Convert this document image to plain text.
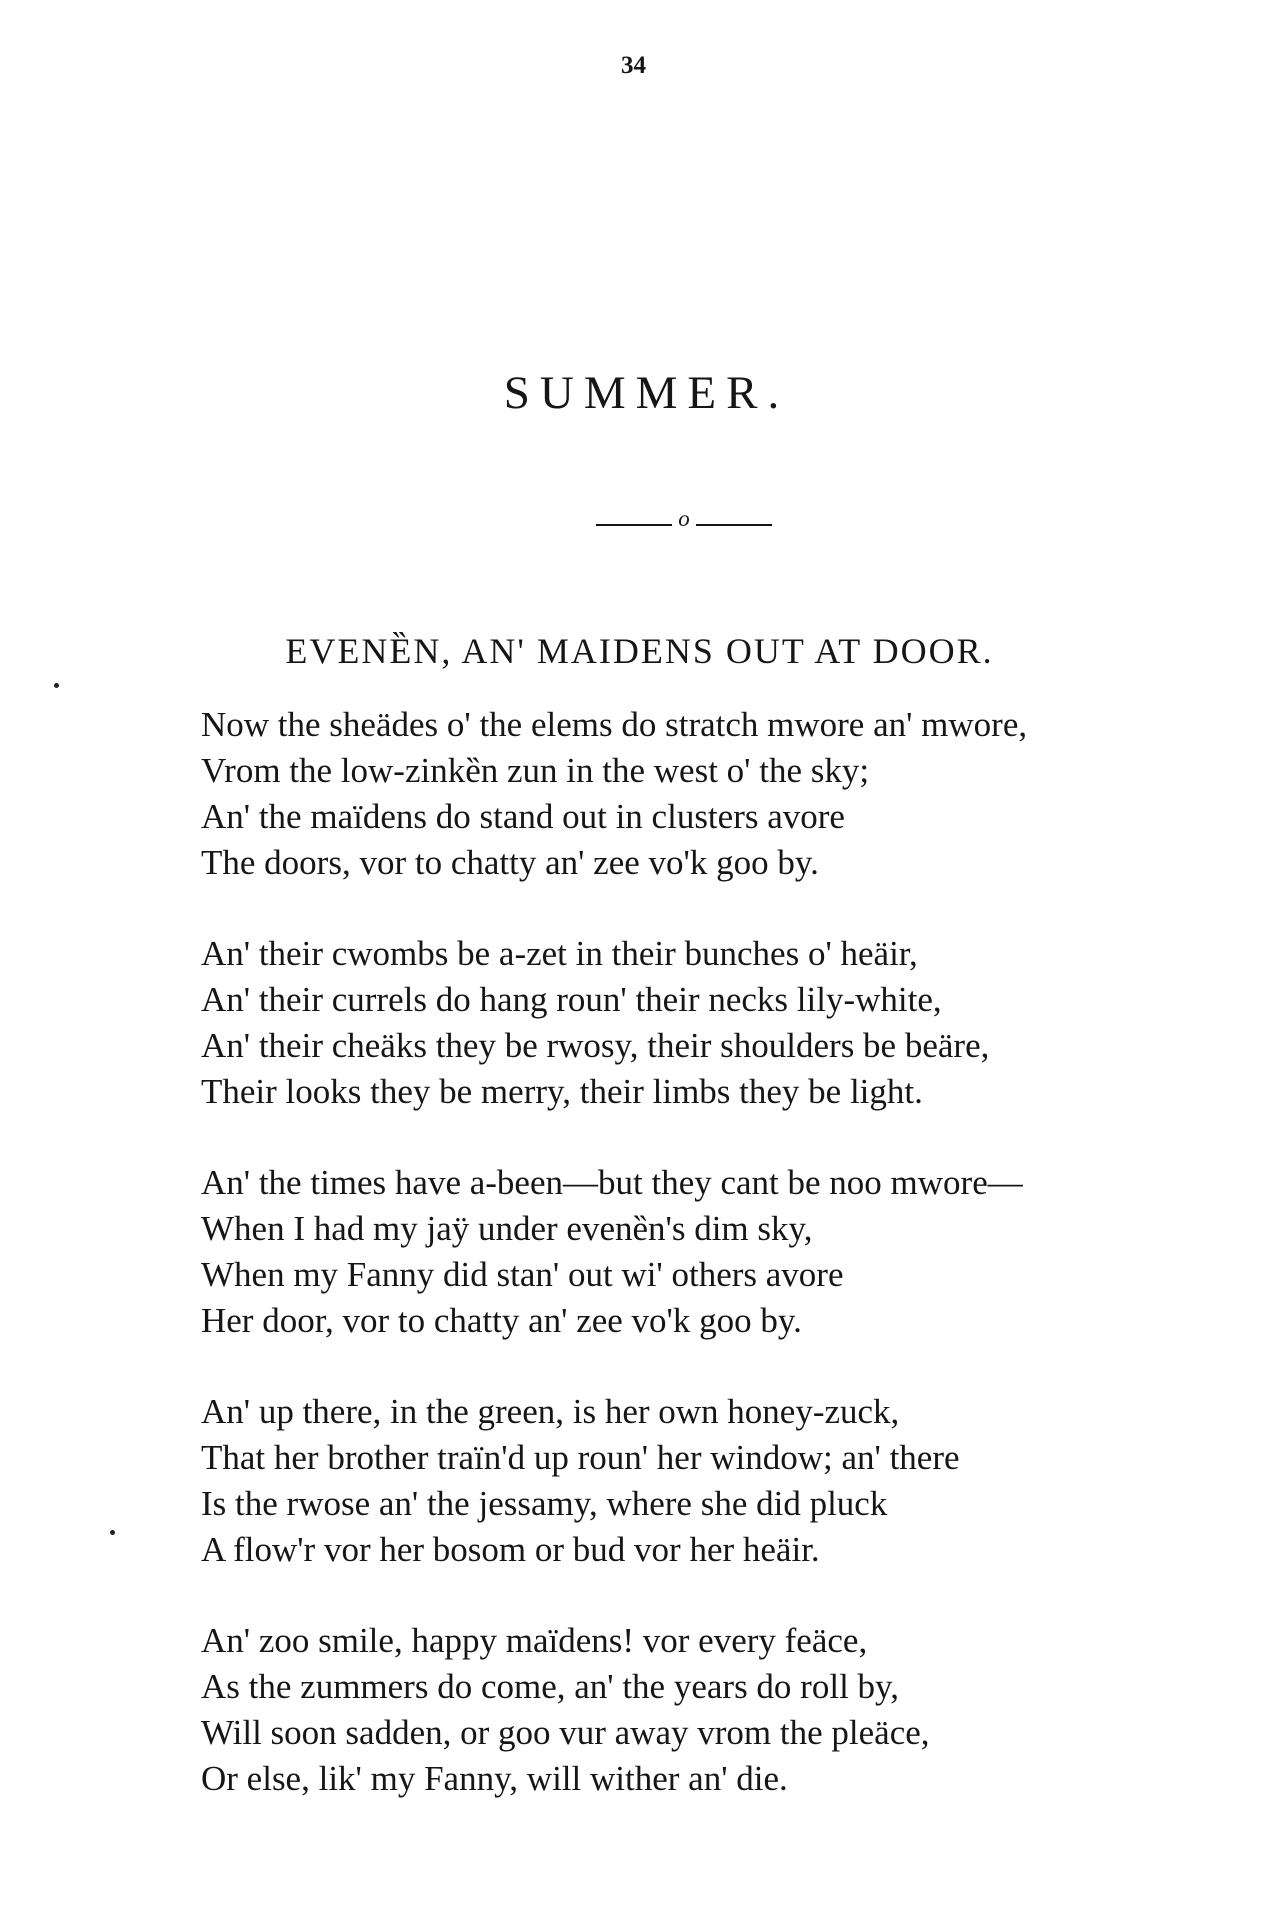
34
SUMMER.
o
EVENȄN, AN' MAIDENS OUT AT DOOR.
Now the sheädes o' the elems do stratch mwore an' mwore,
Vrom the low-zinkȅn zun in the west o' the sky;
An' the maïdens do stand out in clusters avore
The doors, vor to chatty an' zee vo'k goo by.
An' their cwombs be a-zet in their bunches o' heäir,
An' their currels do hang roun' their necks lily-white,
An' their cheäks they be rwosy, their shoulders be beäre,
Their looks they be merry, their limbs they be light.
An' the times have a-been—but they cant be noo mwore—
When I had my jaÿ under evenȅn's dim sky,
When my Fanny did stan' out wi' others avore
Her door, vor to chatty an' zee vo'k goo by.
An' up there, in the green, is her own honey-zuck,
That her brother traïn'd up roun' her window; an' there
Is the rwose an' the jessamy, where she did pluck
A flow'r vor her bosom or bud vor her heäir.
An' zoo smile, happy maïdens! vor every feäce,
As the zummers do come, an' the years do roll by,
Will soon sadden, or goo vur away vrom the pleäce,
Or else, lik' my Fanny, will wither an' die.
